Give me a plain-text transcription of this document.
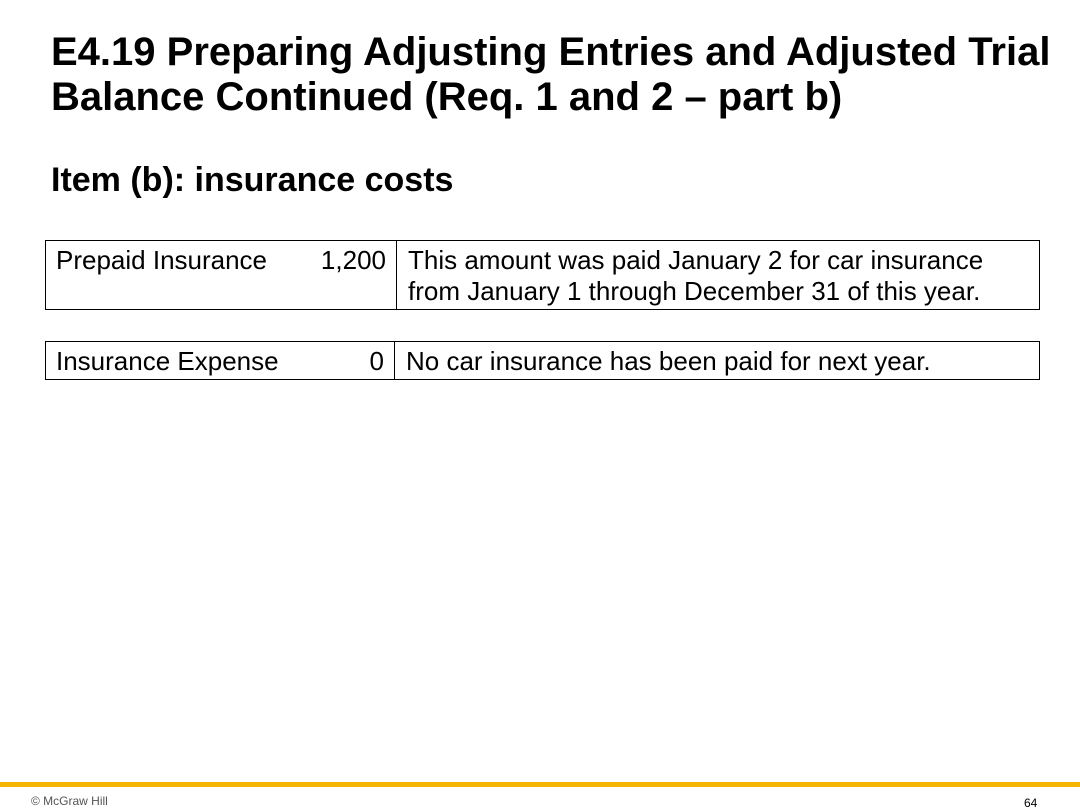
E4.19 Preparing Adjusting Entries and Adjusted Trial Balance Continued (Req. 1 and 2 – part b)
Item (b): insurance costs
Prepaid Insurance 1,200	This amount was paid January 2 for car insurance from January 1 through December 31 of this year.
Insurance Expense	0	No car insurance has been paid for next year.
© McGraw Hill	64
